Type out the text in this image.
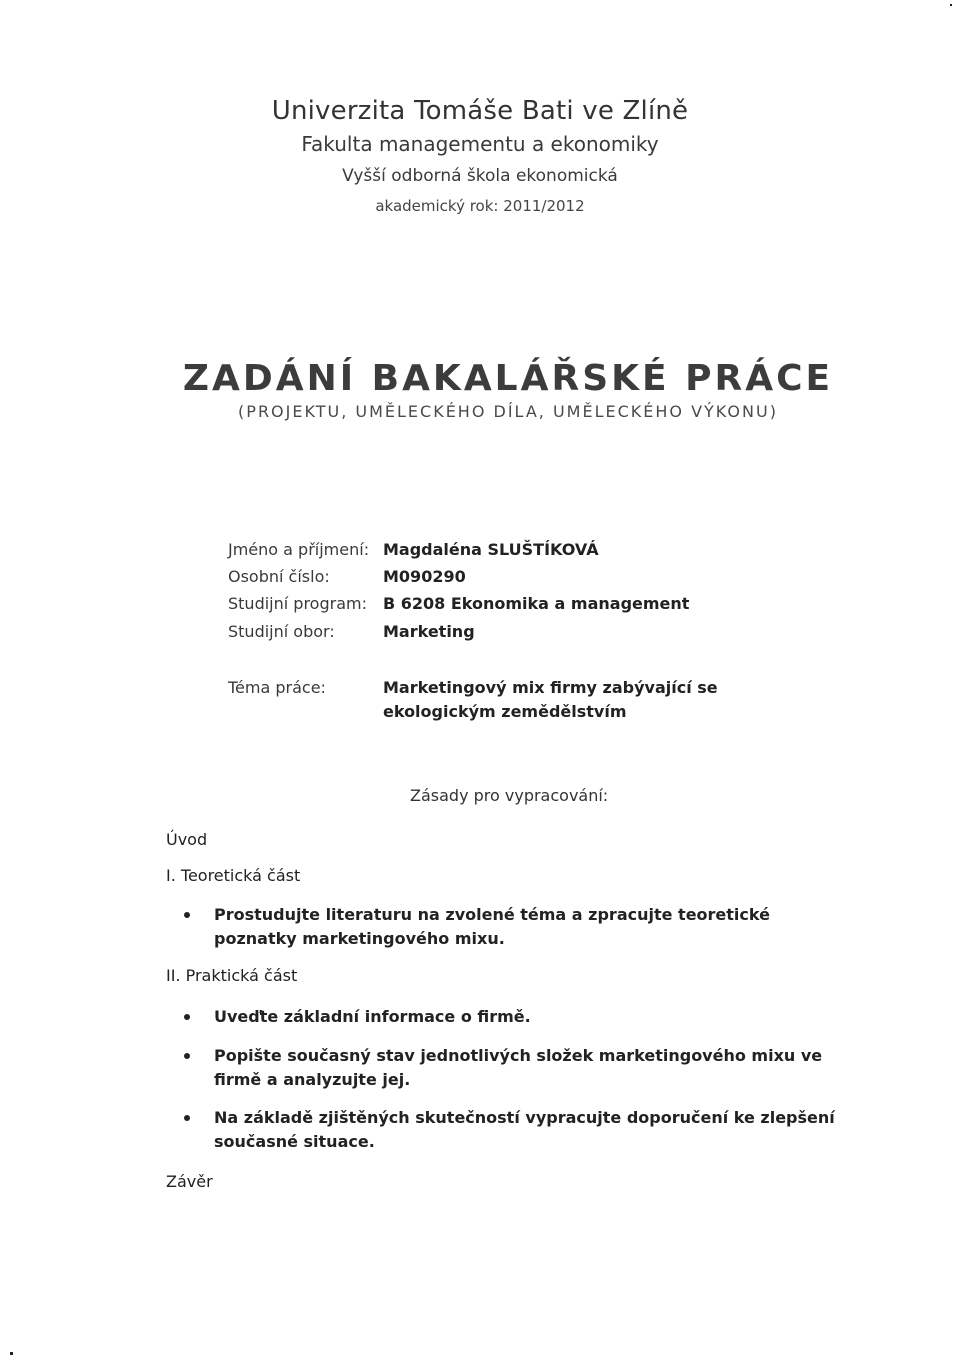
Univerzita Tomáše Bati ve Zlíně
Fakulta managementu a ekonomiky
Vyšší odborná škola ekonomická
akademický rok: 2011/2012
ZADÁNÍ BAKALÁŘSKÉ PRÁCE
(PROJEKTU, UMĚLECKÉHO DÍLA, UMĚLECKÉHO VÝKONU)
Jméno a příjmení: Magdaléna SLUŠTÍKOVÁ
Osobní číslo:	M090290
Studijní program: B 6208 Ekonomika a management
Studijní obor:	Marketing
Téma práce:	Marketingový mix firmy zabývající se ekologickým zemědělstvím
Zásady pro vypracování:
Úvod
I. Teoretická část
Prostudujte literaturu na zvolené téma a zpracujte teoretické poznatky marketingového mixu.
II. Praktická část
Uveďte základní informace o firmě.
Popište současný stav jednotlivých složek marketingového mixu ve firmě a analyzujte jej.
Na základě zjištěných skutečností vypracujte doporučení ke zlepšení současné situace.
Závěr
